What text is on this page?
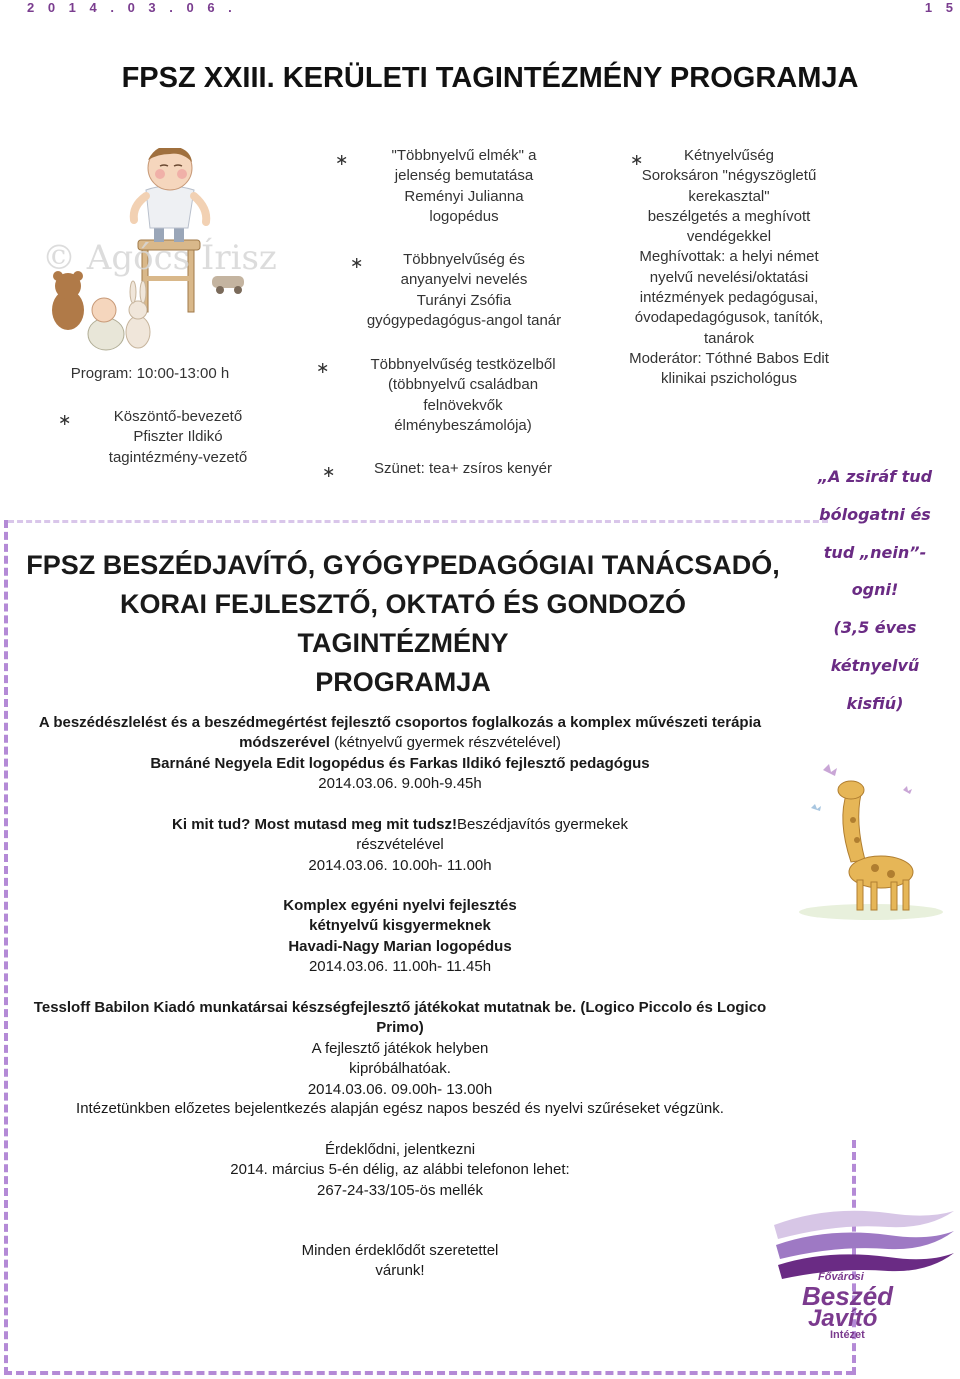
2 0 1 4 . 0 3 . 0 6 .	1 5
FPSZ XXIII. KERÜLETI TAGINTÉZMÉNY PROGRAMJA
© Agócs Írisz
Program: 10:00-13:00 h
∗	Köszöntő-bevezető
Pfiszter Ildikó
tagintézmény-vezető
∗	"Többnyelvű elmék" a
jelenség bemutatása
Reményi Julianna
logopédus
∗	Többnyelvűség és
anyanyelvi nevelés
Turányi Zsófia
gyógypedagógus-angol tanár
∗	Többnyelvűség testközelből
(többnyelvű családban
felnövekvők
élménybeszámolója)
∗	Szünet: tea+ zsíros kenyér
∗	Kétnyelvűség
Soroksáron "négyszögletű
kerekasztal"
beszélgetés a meghívott
vendégekkel
Meghívottak: a helyi német
nyelvű nevelési/oktatási
intézmények pedagógusai,
óvodapedagógusok, tanítók,
tanárok
Moderátor: Tóthné Babos Edit
klinikai pszichológus
„A zsiráf tud
bólogatni és
tud „nein”-
ogni!
(3,5 éves
kétnyelvű
kisfiú)
FPSZ BESZÉDJAVÍTÓ, GYÓGYPEDAGÓGIAI TANÁCSADÓ,
KORAI FEJLESZTŐ, OKTATÓ ÉS GONDOZÓ TAGINTÉZMÉNY
PROGRAMJA
A beszédészlelést és a beszédmegértést fejlesztő csoportos foglalkozás a komplex művészeti terápia
módszerével (kétnyelvű gyermek részvételével)
Barnáné Negyela Edit logopédus és Farkas Ildikó fejlesztő pedagógus
2014.03.06. 9.00h-9.45h
Ki mit tud? Most mutasd meg mit tudsz!Beszédjavítós gyermekek
részvételével
2014.03.06. 10.00h- 11.00h
Komplex egyéni nyelvi fejlesztés
kétnyelvű kisgyermeknek
Havadi-Nagy Marian logopédus
2014.03.06. 11.00h- 11.45h
Tessloff Babilon Kiadó munkatársai készségfejlesztő játékokat mutatnak be. (Logico Piccolo és Logico Primo)
A fejlesztő játékok helyben
kipróbálhatóak.
2014.03.06. 09.00h- 13.00h
Intézetünkben előzetes bejelentkezés alapján egész napos beszéd és nyelvi szűréseket végzünk.
Érdeklődni, jelentkezni
2014. március 5-én délig, az alábbi telefonon lehet:
267-24-33/105-ös mellék
Minden érdeklődőt szeretettel
várunk!	Fővárosi
Beszéd
Javító
Intézet
